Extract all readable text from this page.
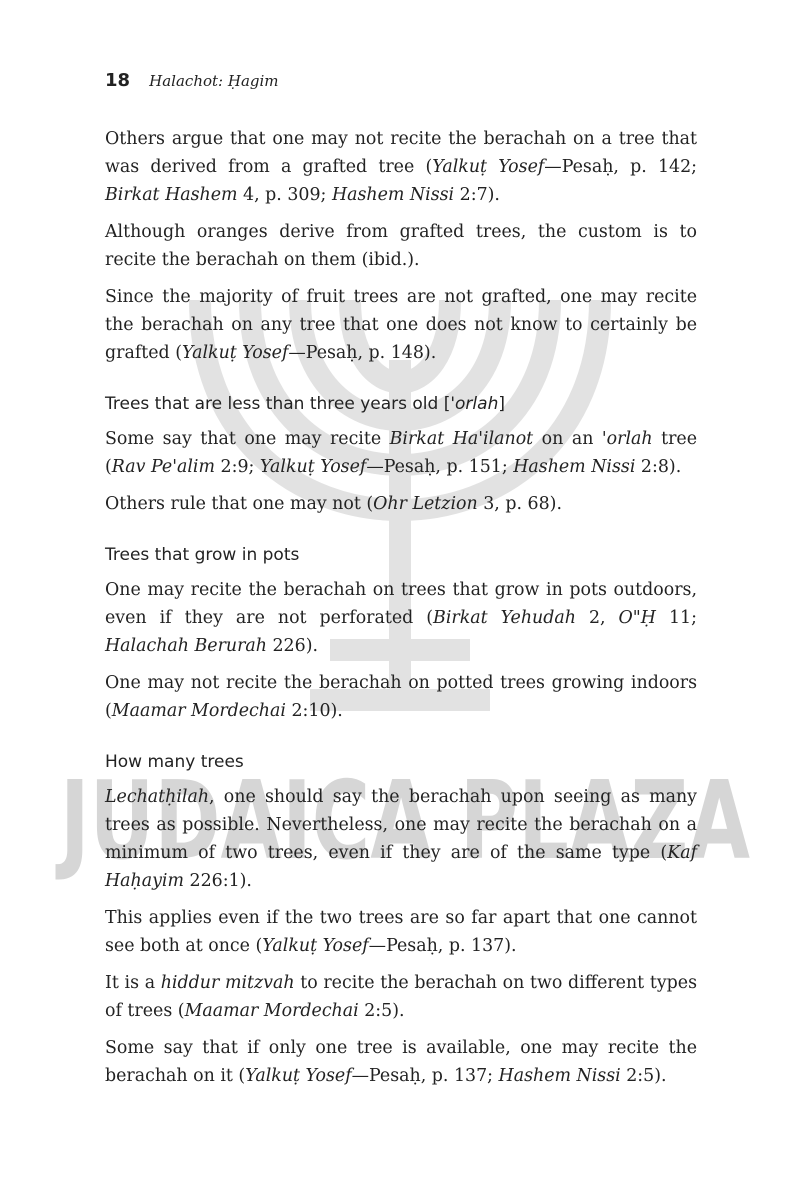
JUDAICA PLAZA
18 Halachot: Ḥagim

Others argue that one may not recite the berachah on a tree that was derived from a grafted tree (Yalkuṭ Yosef—Pesaḥ, p. 142; Birkat Hashem 4, p. 309; Hashem Nissi 2:7).

Although oranges derive from grafted trees, the custom is to recite the berachah on them (ibid.).

Since the majority of fruit trees are not grafted, one may recite the berachah on any tree that one does not know to certainly be grafted (Yalkuṭ Yosef—Pesaḥ, p. 148).

Trees that are less than three years old ['orlah]

Some say that one may recite Birkat Ha'ilanot on an 'orlah tree (Rav Pe'alim 2:9; Yalkuṭ Yosef—Pesaḥ, p. 151; Hashem Nissi 2:8).

Others rule that one may not (Ohr Letzion 3, p. 68).

Trees that grow in pots

One may recite the berachah on trees that grow in pots outdoors, even if they are not perforated (Birkat Yehudah 2, O"Ḥ 11; Halachah Berurah 226).

One may not recite the berachah on potted trees growing indoors (Maamar Mordechai 2:10).

How many trees

Lechatḥilah, one should say the berachah upon seeing as many trees as possible. Nevertheless, one may recite the berachah on a minimum of two trees, even if they are of the same type (Kaf Haḥayim 226:1).

This applies even if the two trees are so far apart that one cannot see both at once (Yalkuṭ Yosef—Pesaḥ, p. 137).

It is a hiddur mitzvah to recite the berachah on two different types of trees (Maamar Mordechai 2:5).

Some say that if only one tree is available, one may recite the berachah on it (Yalkuṭ Yosef—Pesaḥ, p. 137; Hashem Nissi 2:5).
